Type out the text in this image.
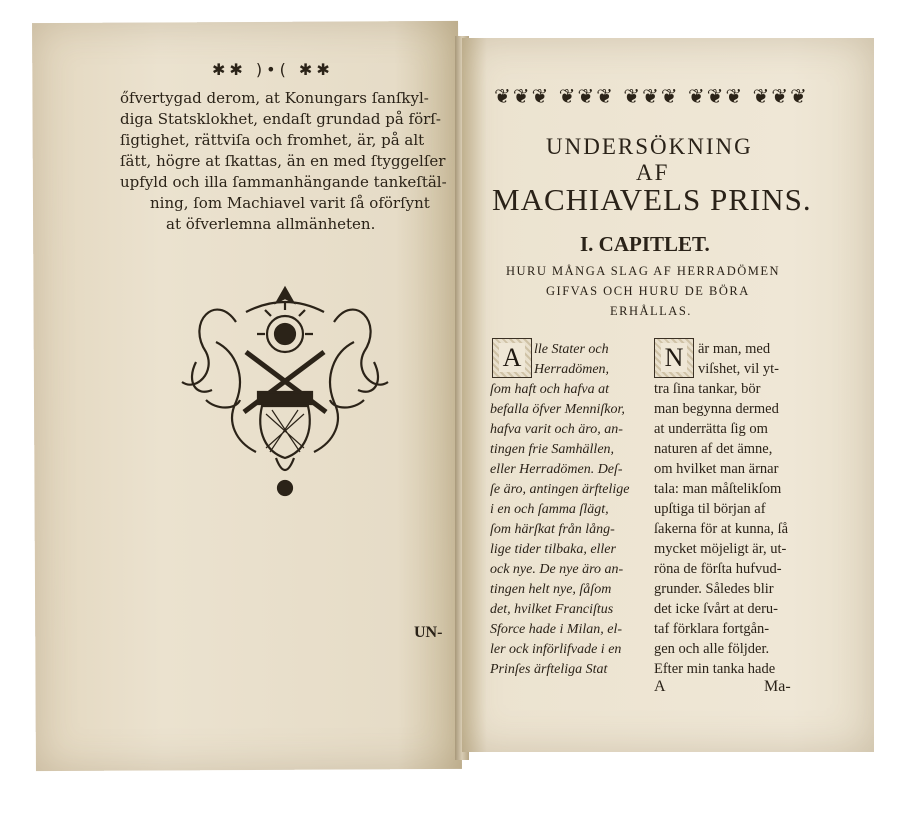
✱✱ )•( ✱✱
őfvertygad derom, at Konungars ſanſkyl-
diga Statsklokhet, endaſt grundad på förſ-
ſigtighet, rättviſa och fromhet, är, på alt
ſätt, högre at ſkattas, än en med ſtyggelſer
upfyld och illa ſammanhängande tankeſtäl-
ning, ſom Machiavel varit ſå oförſynt
at öfverlemna allmänheten.
UN-
❦❦❦ ❦❦❦ ❦❦❦ ❦❦❦ ❦❦❦
UNDERSÖKNING
AF
MACHIAVELS PRINS.
I. CAPITLET.
HURU MÅNGA SLAG AF HERRADÖMEN
GIFVAS OCH HURU DE BÖRA
ERHÅLLAS.
A lle Stater och
Herradömen,
ſom haft och hafva at
befalla öfver Menniſkor,
hafva varit och äro, an-
tingen frie Samhällen,
eller Herradömen. Deſ-
ſe äro, antingen ärftelige
i en och ſamma ſlägt,
ſom härſkat från lång-
lige tider tilbaka, eller
ock nye. De nye äro an-
tingen helt nye, ſåſom
det, hvilket Franciſtus
Sforce hade i Milan, el-
ler ock införlifvade i en
Prinſes ärfteliga Stat
N	är man, med
viſshet, vil yt-
tra ſina tankar, bör
man begynna dermed
at underrätta ſig om
naturen af det ämne,
om hvilket man ärnar
tala: man måſtelikſom
upſtiga til början af
ſakerna för at kunna, ſå
mycket möjeligt är, ut-
röna de förſta hufvud-
grunder. Således blir
det icke ſvårt at deru-
taf förklara fortgån-
gen och alle följder.
Efter min tanka hade
A	Ma-
